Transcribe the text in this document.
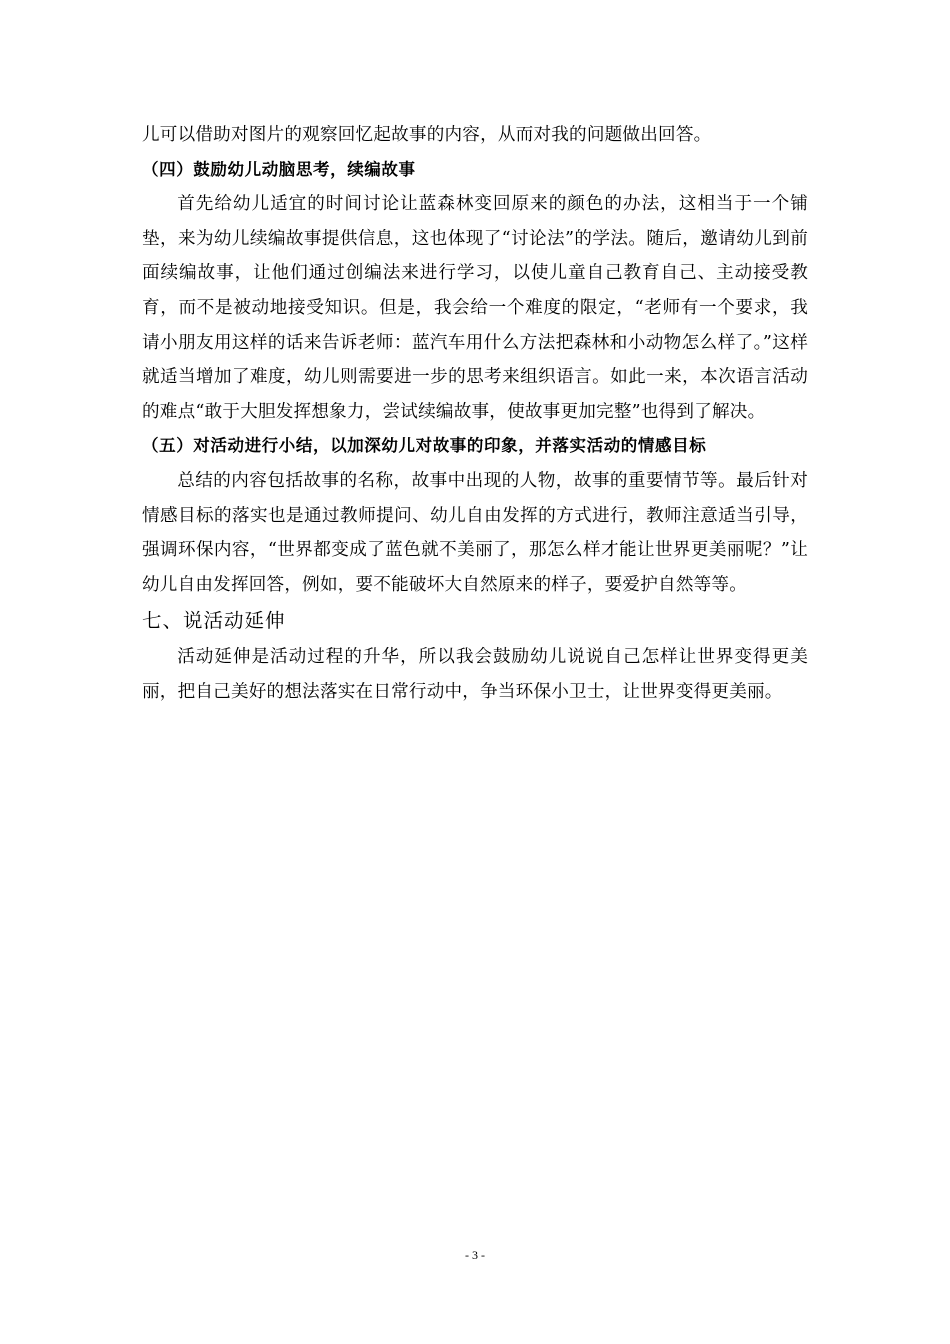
儿可以借助对图片的观察回忆起故事的内容，从而对我的问题做出回答。

（四）鼓励幼儿动脑思考，续编故事

首先给幼儿适宜的时间讨论让蓝森林变回原来的颜色的办法，这相当于一个铺垫，来为幼儿续编故事提供信息，这也体现了“讨论法”的学法。随后，邀请幼儿到前面续编故事，让他们通过创编法来进行学习，以使儿童自己教育自己、主动接受教育，而不是被动地接受知识。但是，我会给一个难度的限定，“老师有一个要求，我请小朋友用这样的话来告诉老师：蓝汽车用什么方法把森林和小动物怎么样了。”这样就适当增加了难度，幼儿则需要进一步的思考来组织语言。如此一来，本次语言活动的难点“敢于大胆发挥想象力，尝试续编故事，使故事更加完整”也得到了解决。

（五）对活动进行小结，以加深幼儿对故事的印象，并落实活动的情感目标

总结的内容包括故事的名称，故事中出现的人物，故事的重要情节等。最后针对情感目标的落实也是通过教师提问、幼儿自由发挥的方式进行，教师注意适当引导，强调环保内容，“世界都变成了蓝色就不美丽了，那怎么样才能让世界更美丽呢？”让幼儿自由发挥回答，例如，要不能破坏大自然原来的样子，要爱护自然等等。

七、说活动延伸

活动延伸是活动过程的升华，所以我会鼓励幼儿说说自己怎样让世界变得更美丽，把自己美好的想法落实在日常行动中，争当环保小卫士，让世界变得更美丽。

- 3 -
